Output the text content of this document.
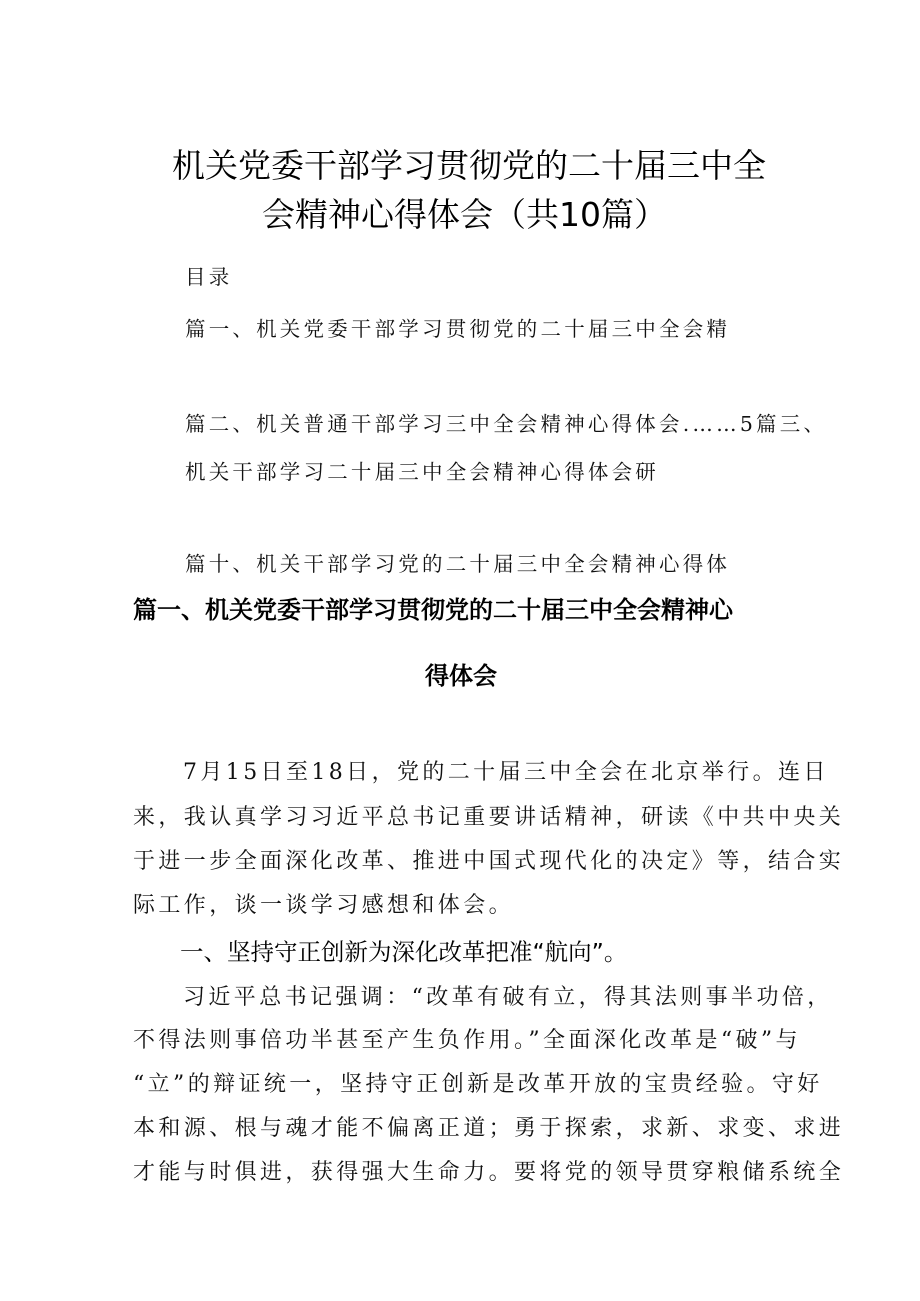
机关党委干部学习贯彻党的二十届三中全
会精神心得体会（共10篇）

目录

篇一、机关党委干部学习贯彻党的二十届三中全会精

篇二、机关普通干部学习三中全会精神心得体会.……5篇三、

机关干部学习二十届三中全会精神心得体会研

篇十、机关干部学习党的二十届三中全会精神心得体

篇一、机关党委干部学习贯彻党的二十届三中全会精神心
得体会

7月15日至18日，党的二十届三中全会在北京举行。连日

来，我认真学习习近平总书记重要讲话精神，研读《中共中央关

于进一步全面深化改革、推进中国式现代化的决定》等，结合实

际工作，谈一谈学习感想和体会。

一、坚持守正创新为深化改革把准“航向”。

习近平总书记强调：“改革有破有立，得其法则事半功倍，

不得法则事倍功半甚至产生负作用。”全面深化改革是“破”与

“立”的辩证统一，坚持守正创新是改革开放的宝贵经验。守好

本和源、根与魂才能不偏离正道；勇于探索，求新、求变、求进

才能与时俱进，获得强大生命力。要将党的领导贯穿粮储系统全
